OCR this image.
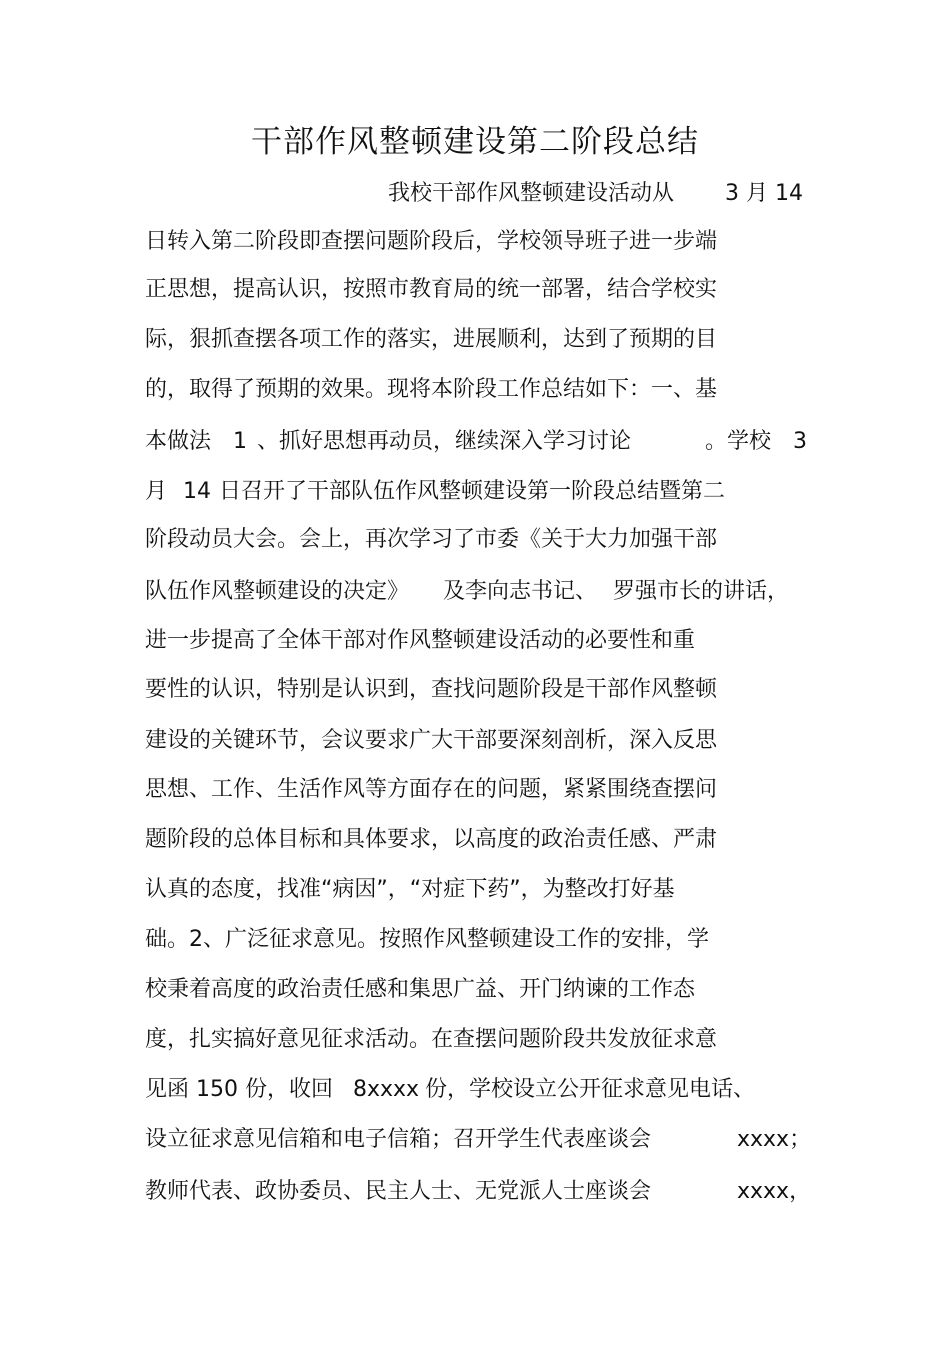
干部作风整顿建设第二阶段总结
我校干部作风整顿建设活动从 3 月 14
日转入第二阶段即查摆问题阶段后，学校领导班子进一步端
正思想，提高认识，按照市教育局的统一部署，结合学校实
际，狠抓查摆各项工作的落实，进展顺利，达到了预期的目
的，取得了预期的效果。现将本阶段工作总结如下：一、基
本做法 1 、抓好思想再动员，继续深入学习讨论	。学校 3
月 14 日召开了干部队伍作风整顿建设第一阶段总结暨第二
阶段动员大会。会上，再次学习了市委《关于大力加强干部
队伍作风整顿建设的决定》 及李向志书记、 罗强市长的讲话，
进一步提高了全体干部对作风整顿建设活动的必要性和重
要性的认识，特别是认识到，查找问题阶段是干部作风整顿
建设的关键环节，会议要求广大干部要深刻剖析，深入反思
思想、工作、生活作风等方面存在的问题，紧紧围绕查摆问
题阶段的总体目标和具体要求，以高度的政治责任感、严肃
认真的态度，找准“病因”，“对症下药”，为整改打好基
础。2、广泛征求意见。按照作风整顿建设工作的安排，学
校秉着高度的政治责任感和集思广益、开门纳谏的工作态
度，扎实搞好意见征求活动。在查摆问题阶段共发放征求意
见函 150 份，收回 8xxxx 份，学校设立公开征求意见电话、
设立征求意见信箱和电子信箱；召开学生代表座谈会	xxxx；
教师代表、政协委员、民主人士、无党派人士座谈会	xxxx，
